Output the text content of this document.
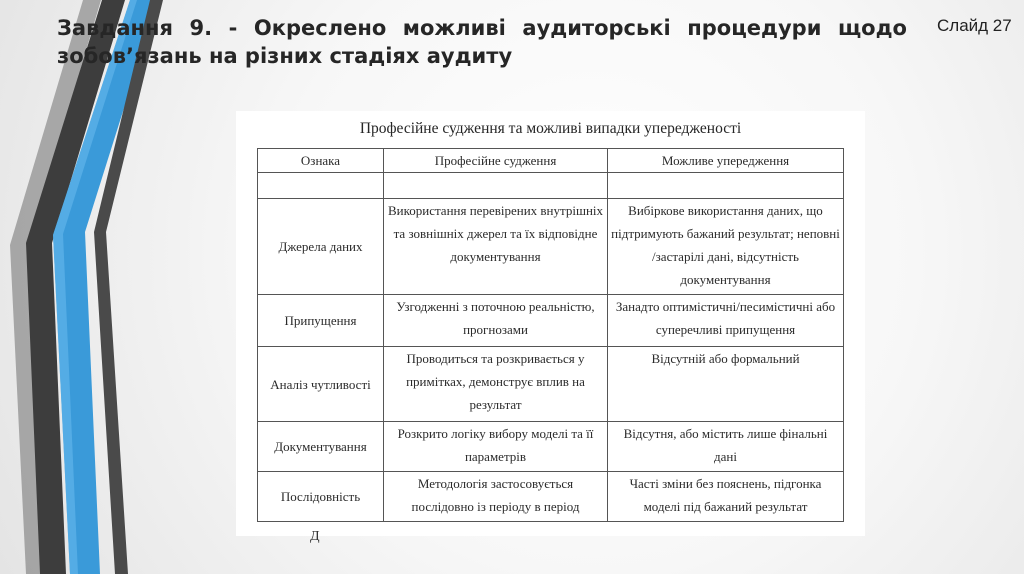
Завдання 9. - Окреслено можливі аудиторські процедури щодо зобов’язань на різних стадіях аудиту
Слайд 27
Професійне судження та можливі випадки упередженості
Ознака	Професійне судження	Можливе упередження

Джерела даних	Використання перевірених внутрішніх та зовнішніх джерел та їх відповідне документування	Вибіркове використання даних, що підтримують бажаний результат; неповні /застарілі дані, відсутність документування
Припущення	Узгодженні з поточною реальністю, прогнозами	Занадто оптимістичні/песимістичні або суперечливі припущення
Аналіз чутливості	Проводиться та розкривається у примітках, демонструє вплив на результат	Відсутній або формальний
Документування	Розкрито логіку вибору моделі та її параметрів	Відсутня, або містить лише фінальні дані
Послідовність	Методологія застосовується послідовно із періоду в період	Часті зміни без пояснень, підгонка моделі під бажаний результат
Д
